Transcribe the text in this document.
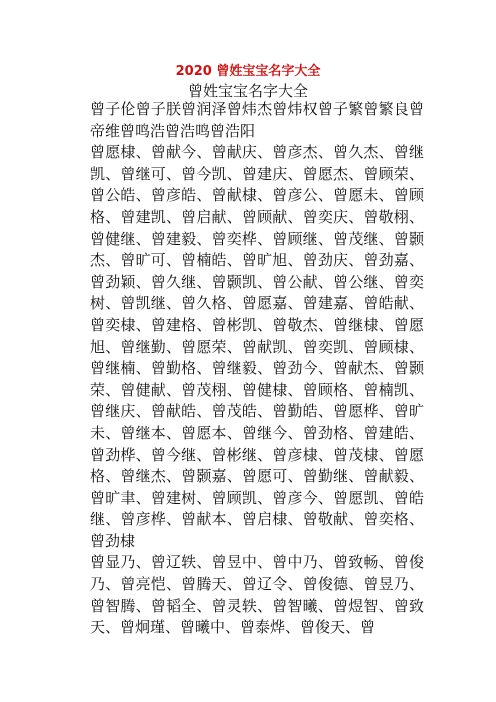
2020 曾姓宝宝名字大全
曾姓宝宝名字大全

曾子伦曾子朕曾润泽曾炜杰曾炜权曾子繁曾繁良曾帝维曾鸣浩曾浩鸣曾浩阳

曾愿棣、曾献今、曾献庆、曾彦杰、曾久杰、曾继凯、曾继可、曾今凯、曾建庆、曾愿杰、曾顾荣、曾公皓、曾彦皓、曾献棣、曾彦公、曾愿未、曾顾格、曾建凯、曾启献、曾顾献、曾奕庆、曾敬栩、曾健继、曾建毅、曾奕桦、曾顾继、曾茂继、曾颢杰、曾旷可、曾楠皓、曾旷旭、曾劲庆、曾劲嘉、曾劲颖、曾久继、曾颢凯、曾公献、曾公继、曾奕树、曾凯继、曾久格、曾愿嘉、曾建嘉、曾皓献、曾奕棣、曾建格、曾彬凯、曾敬杰、曾继棣、曾愿旭、曾继勤、曾愿荣、曾献凯、曾奕凯、曾顾棣、曾继楠、曾勤格、曾继毅、曾劲今、曾献杰、曾颢荣、曾健献、曾茂栩、曾健棣、曾顾格、曾楠凯、曾继庆、曾献皓、曾茂皓、曾勤皓、曾愿桦、曾旷未、曾继本、曾愿本、曾继今、曾劲格、曾建皓、曾劲桦、曾今继、曾彬继、曾彦棣、曾茂棣、曾愿格、曾继杰、曾颢嘉、曾愿可、曾勤继、曾献毅、曾旷聿、曾建树、曾顾凯、曾彦今、曾愿凯、曾皓继、曾彦桦、曾献本、曾启棣、曾敬献、曾奕格、曾劲棣

曾显乃、曾辽轶、曾昱中、曾中乃、曾致畅、曾俊乃、曾亮恺、曾腾天、曾辽令、曾俊德、曾昱乃、曾智腾、曾韬全、曾灵轶、曾智曦、曾煜智、曾致天、曾炯瑾、曾曦中、曾泰烨、曾俊天、曾
